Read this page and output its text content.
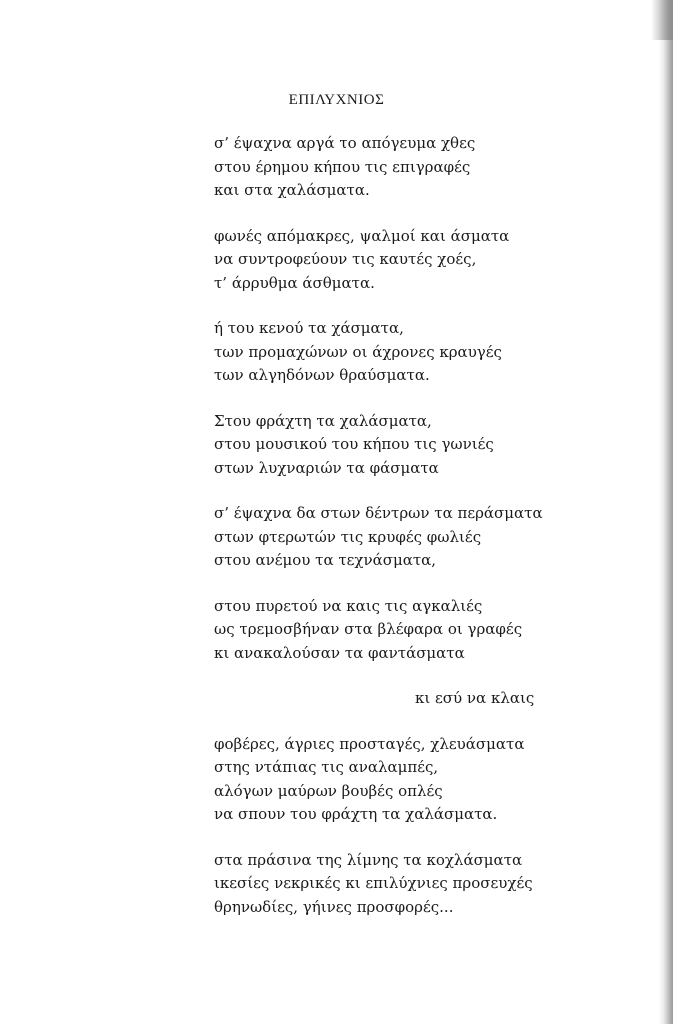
ΕΠΙΛΥΧΝΙΟΣ
σ’ έψαχνα αργά το απόγευμα χθες
στου έρημου κήπου τις επιγραφές
και στα χαλάσματα.
φωνές απόμακρες, ψαλμοί και άσματα
να συντροφεύουν τις καυτές χοές,
τ’ άρρυθμα άσθματα.
ή του κενού τα χάσματα,
των προμαχώνων οι άχρονες κραυγές
των αλγηδόνων θραύσματα.
Στου φράχτη τα χαλάσματα,
στου μουσικού του κήπου τις γωνιές
στων λυχναριών τα φάσματα
σ’ έψαχνα δα στων δέντρων τα περάσματα
στων φτερωτών τις κρυφές φωλιές
στου ανέμου τα τεχνάσματα,
στου πυρετού να καις τις αγκαλιές
ως τρεμοσβήναν στα βλέφαρα οι γραφές
κι ανακαλούσαν τα φαντάσματα
κι εσύ να κλαις
φοβέρες, άγριες προσταγές, χλευάσματα
στης ντάπιας τις αναλαμπές,
αλόγων μαύρων βουβές οπλές
να σπουν του φράχτη τα χαλάσματα.
στα πράσινα της λίμνης τα κοχλάσματα
ικεσίες νεκρικές κι επιλύχνιες προσευχές
θρηνωδίες, γήινες προσφορές...
